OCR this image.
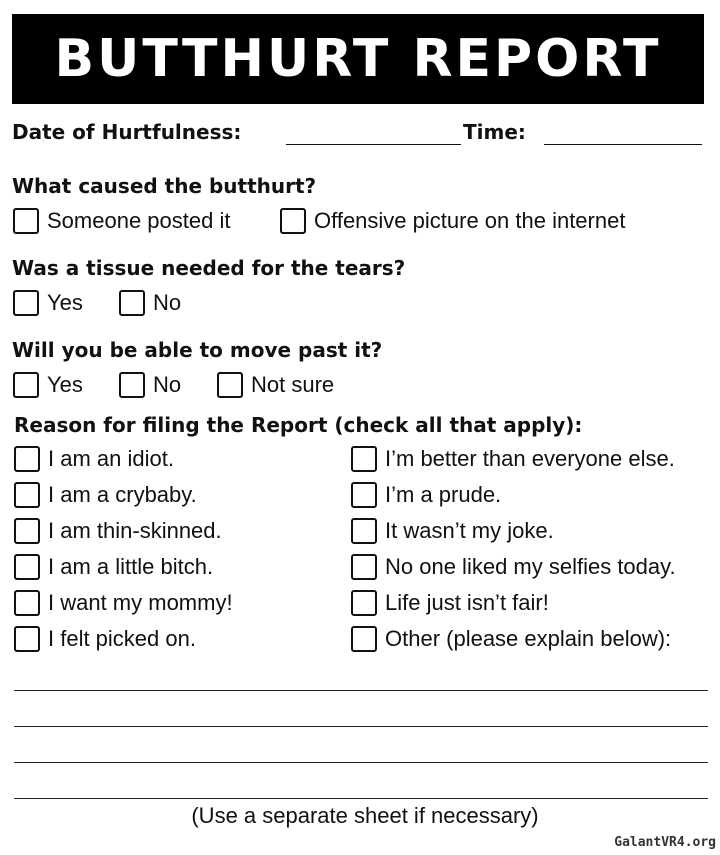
BUTTHURT REPORT
Date of Hurtfulness:	Time:
What caused the butthurt?
Someone posted it	Offensive picture on the internet
Was a tissue needed for the tears?
Yes	No
Will you be able to move past it?
Yes	No	Not sure
Reason for filing the Report (check all that apply):
I am an idiot.
I am a crybaby.
I am thin-skinned.
I am a little bitch.
I want my mommy!
I felt picked on.
I’m better than everyone else.
I’m a prude.
It wasn’t my joke.
No one liked my selfies today.
Life just isn’t fair!
Other (please explain below):
(Use a separate sheet if necessary)
GalantVR4.org
